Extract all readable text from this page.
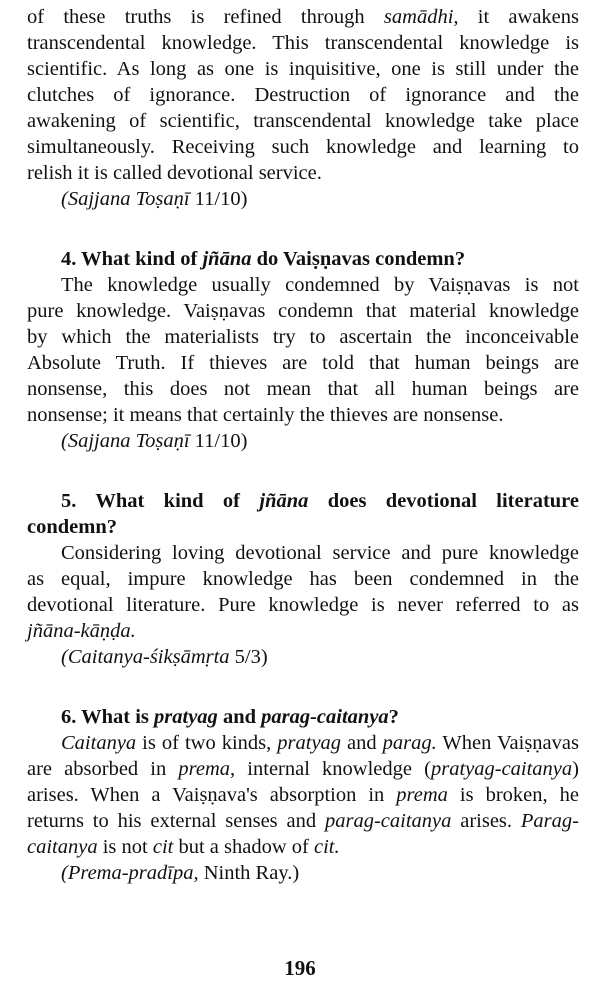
of these truths is refined through samādhi, it awakens
transcendental knowledge. This transcendental knowledge is
scientific. As long as one is inquisitive, one is still under the
clutches of ignorance. Destruction of ignorance and the
awakening of scientific, transcendental knowledge take place
simultaneously. Receiving such knowledge and learning to
relish it is called devotional service.
(Sajjana Toṣaṇī 11/10)
4. What kind of jñāna do Vaiṣṇavas condemn?
The knowledge usually condemned by Vaiṣṇavas is not
pure knowledge. Vaiṣṇavas condemn that material knowledge
by which the materialists try to ascertain the inconceivable
Absolute Truth. If thieves are told that human beings are
nonsense, this does not mean that all human beings are
nonsense; it means that certainly the thieves are nonsense.
(Sajjana Toṣaṇī 11/10)
5. What kind of jñāna does devotional literature
condemn?
Considering loving devotional service and pure knowledge
as equal, impure knowledge has been condemned in the
devotional literature. Pure knowledge is never referred to as
jñāna-kāṇḍa.
(Caitanya-śikṣāmṛta 5/3)
6. What is pratyag and parag-caitanya?
Caitanya is of two kinds, pratyag and parag. When Vaiṣṇavas
are absorbed in prema, internal knowledge (pratyag-caitanya)
arises. When a Vaiṣṇava's absorption in prema is broken, he
returns to his external senses and parag-caitanya arises. Parag-
caitanya is not cit but a shadow of cit.
(Prema-pradīpa, Ninth Ray.)
196
